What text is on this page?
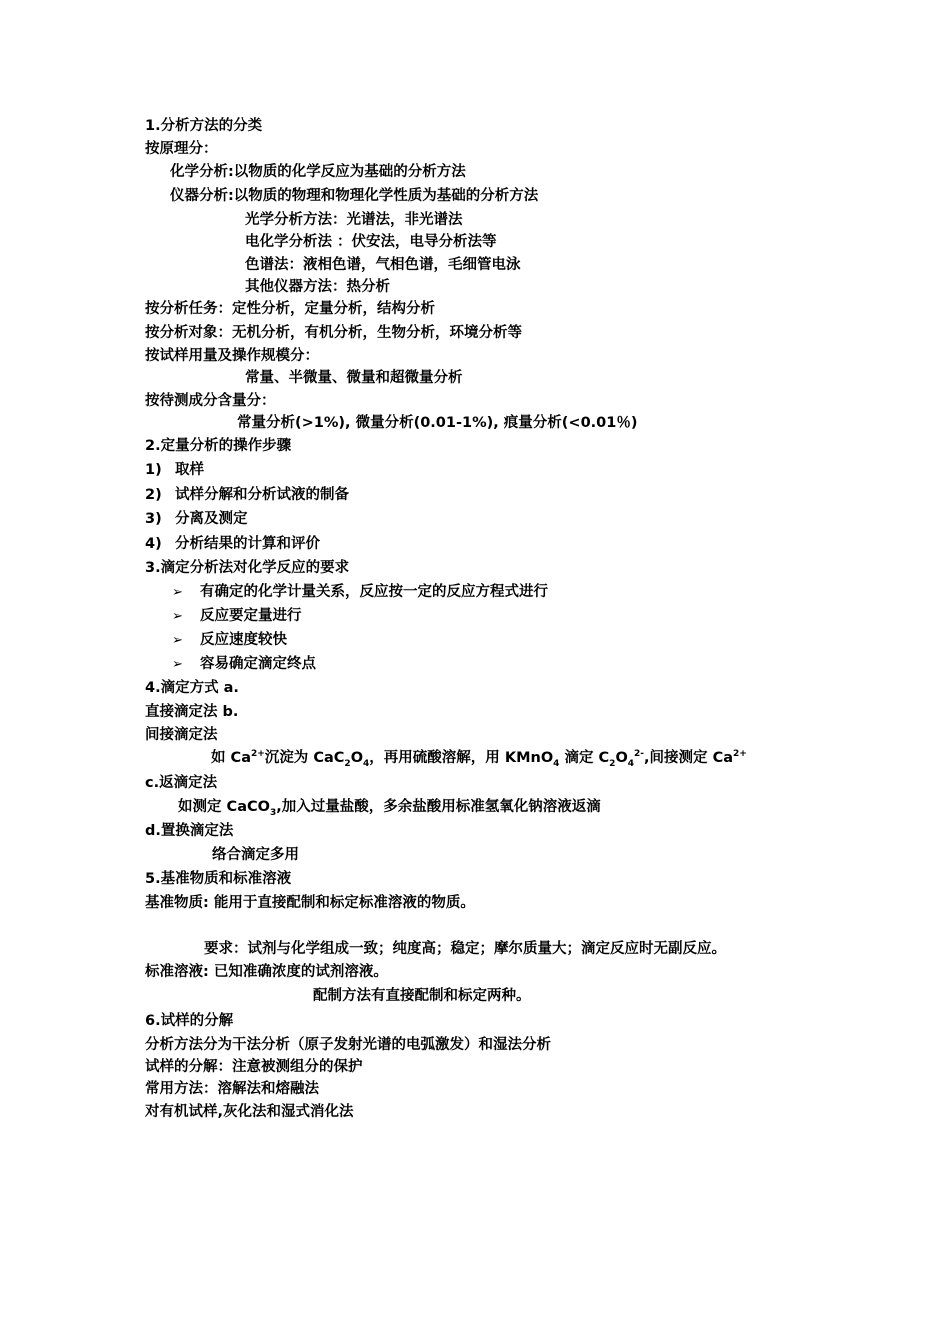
1.分析方法的分类
按原理分：
化学分析:以物质的化学反应为基础的分析方法
仪器分析:以物质的物理和物理化学性质为基础的分析方法
光学分析方法：光谱法，非光谱法
电化学分析法 ：伏安法，电导分析法等
色谱法：液相色谱，气相色谱，毛细管电泳
其他仪器方法：热分析
按分析任务：定性分析，定量分析，结构分析
按分析对象：无机分析，有机分析，生物分析，环境分析等
按试样用量及操作规模分：
常量、半微量、微量和超微量分析
按待测成分含量分：
常量分析(>1%), 微量分析(0.01-1%), 痕量分析(<0.01％)
2.定量分析的操作步骤
1) 取样
2) 试样分解和分析试液的制备
3) 分离及测定
4) 分析结果的计算和评价
3.滴定分析法对化学反应的要求
➢ 有确定的化学计量关系，反应按一定的反应方程式进行
➢ 反应要定量进行
➢ 反应速度较快
➢ 容易确定滴定终点
4.滴定方式 a.
直接滴定法 b.
间接滴定法
如 $Ca^{2+}$沉淀为 $CaC_2O_4$，再用硫酸溶解，用 KMnO$_4$ 滴定 $C_2O_4^{2-}$,间接测定 $Ca^{2+}$
c.返滴定法
如测定 CaCO$_3$,加入过量盐酸，多余盐酸用标准氢氧化钠溶液返滴
d.置换滴定法
络合滴定多用
5.基准物质和标准溶液
基准物质: 能用于直接配制和标定标准溶液的物质。
要求：试剂与化学组成一致；纯度高；稳定；摩尔质量大；滴定反应时无副反应。
标准溶液: 已知准确浓度的试剂溶液。
配制方法有直接配制和标定两种。
6.试样的分解
分析方法分为干法分析（原子发射光谱的电弧激发）和湿法分析
试样的分解：注意被测组分的保护
常用方法：溶解法和熔融法
对有机试样,灰化法和湿式消化法
